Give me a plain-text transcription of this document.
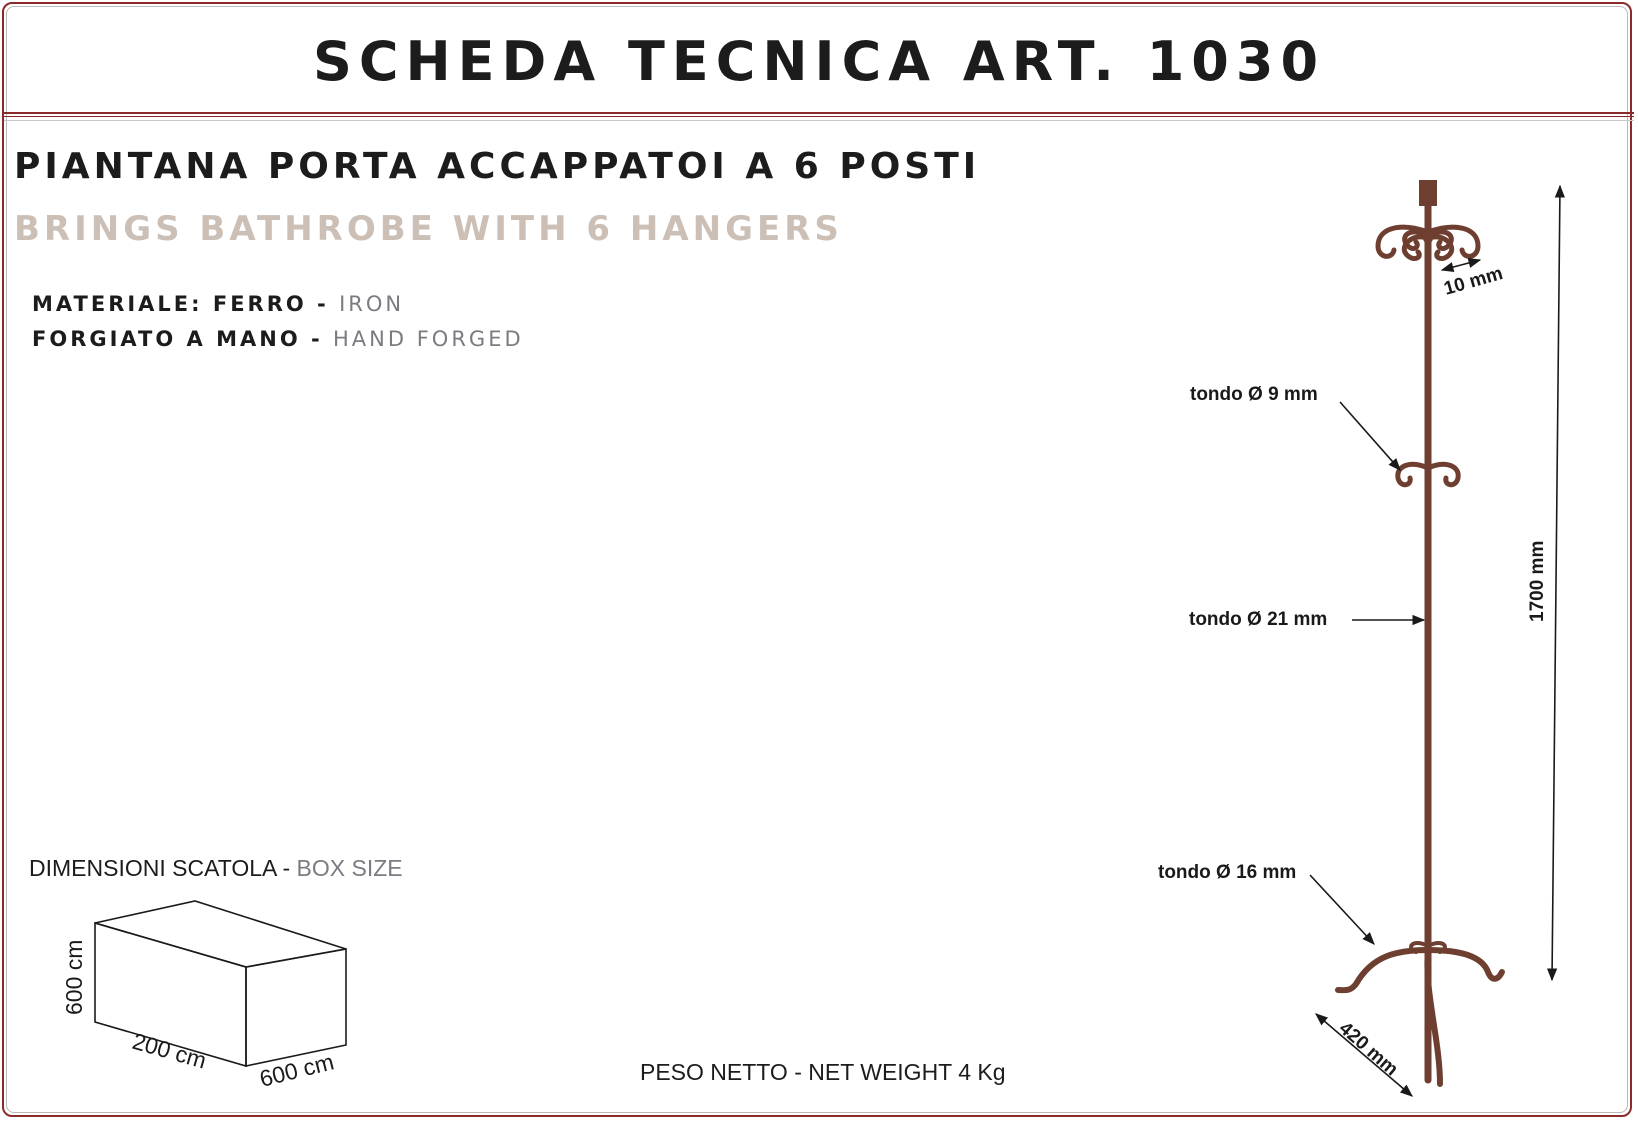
SCHEDA TECNICA ART. 1030
PIANTANA PORTA ACCAPPATOI A 6 POSTI
BRINGS BATHROBE WITH 6 HANGERS
MATERIALE: FERRO - IRON
FORGIATO A MANO - HAND FORGED
DIMENSIONI SCATOLA - BOX SIZE
600 cm
200 cm 600 cm	PESO NETTO - NET WEIGHT 4 Kg
10 mm
tondo Ø 9 mm
tondo Ø 21 mm
tondo Ø 16 mm
1700 mm
420 mm
